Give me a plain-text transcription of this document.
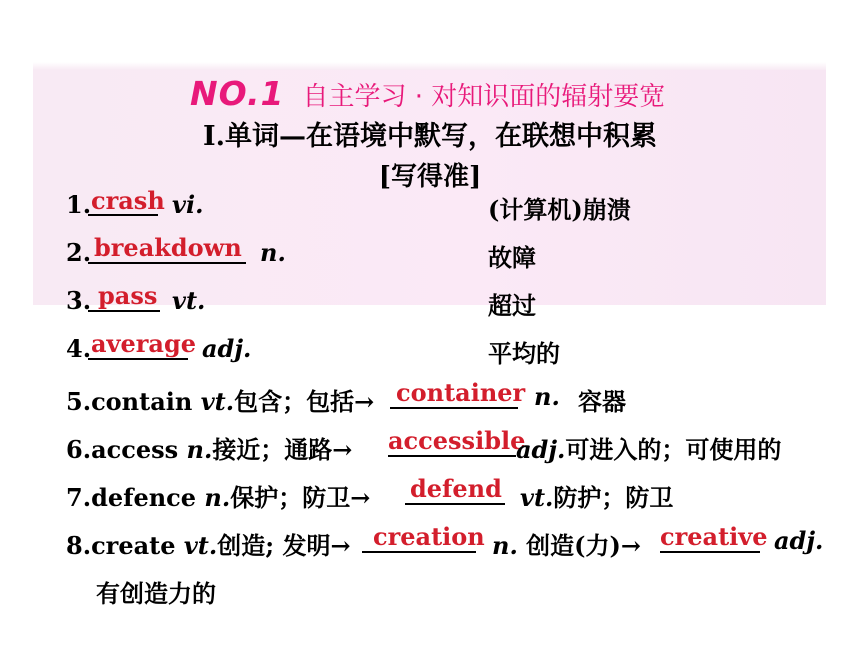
NO.1 自主学习 · 对知识面的辐射要宽
Ⅰ.单词—在语境中默写，在联想中积累
[写得准]
1. crash vi.	(计算机)崩溃
2. breakdown n.	故障
3. pass vt.	超过
4. average adj.	平均的
5.contain vt.包含；包括→ container n. 容器
6.access n.接近；通路→ accessible
adj.可进入的；可使用的
7.defence n.保护；防卫→ defend vt.防护；防卫
8.create vt.创造; 发明→ creation n. 创造(力)→ creative adj.
有创造力的
